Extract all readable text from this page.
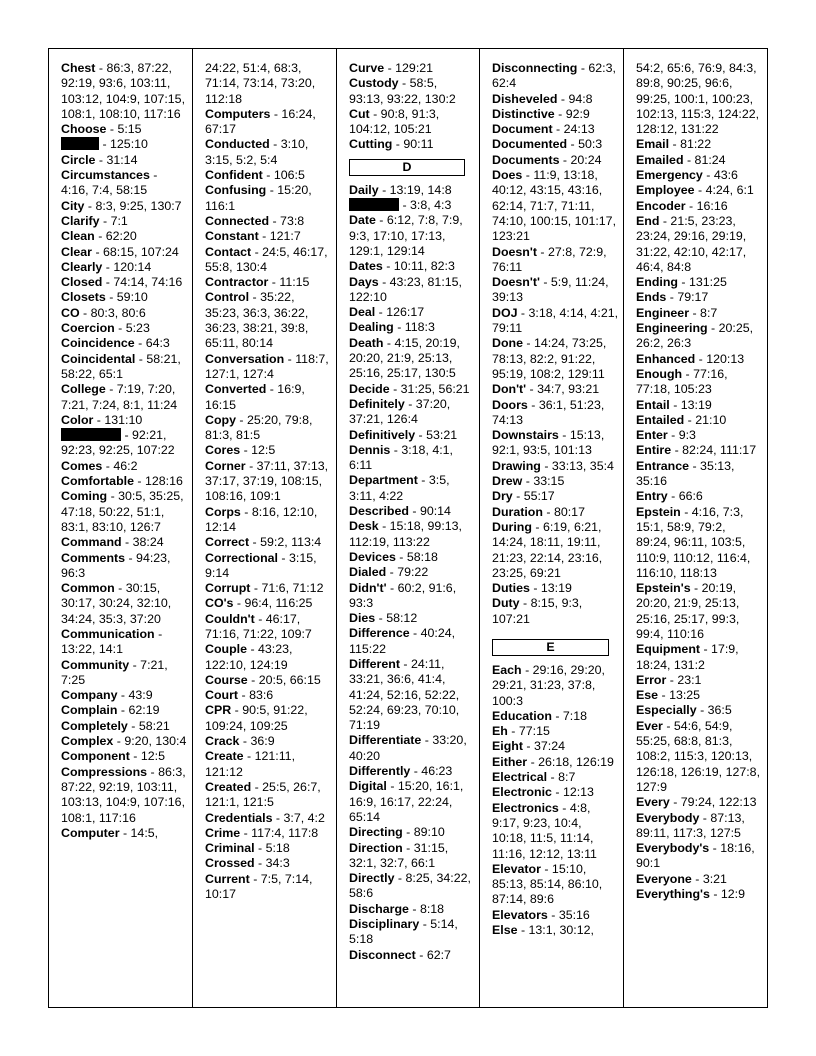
Chest - 86:3, 87:22, 92:19, 93:6, 103:11, 103:12, 104:9, 107:15, 108:1, 108:10, 117:16

Choose - 5:15

- 125:10

Circle - 31:14

Circumstances - 4:16, 7:4, 58:15

City - 8:3, 9:25, 130:7

Clarify - 7:1

Clean - 62:20

Clear - 68:15, 107:24

Clearly - 120:14

Closed - 74:14, 74:16

Closets - 59:10

CO - 80:3, 80:6

Coercion - 5:23

Coincidence - 64:3

Coincidental - 58:21, 58:22, 65:1

College - 7:19, 7:20, 7:21, 7:24, 8:1, 11:24

Color - 131:10

- 92:21, 92:23, 92:25, 107:22

Comes - 46:2

Comfortable - 128:16

Coming - 30:5, 35:25, 47:18, 50:22, 51:1, 83:1, 83:10, 126:7

Command - 38:24

Comments - 94:23, 96:3

Common - 30:15, 30:17, 30:24, 32:10, 34:24, 35:3, 37:20

Communication - 13:22, 14:1

Community - 7:21, 7:25

Company - 43:9

Complain - 62:19

Completely - 58:21

Complex - 9:20, 130:4

Component - 12:5

Compressions - 86:3, 87:22, 92:19, 103:11, 103:13, 104:9, 107:16, 108:1, 117:16

Computer - 14:5,

24:22, 51:4, 68:3, 71:14, 73:14, 73:20, 112:18

Computers - 16:24, 67:17

Conducted - 3:10, 3:15, 5:2, 5:4

Confident - 106:5

Confusing - 15:20, 116:1

Connected - 73:8

Constant - 121:7

Contact - 24:5, 46:17, 55:8, 130:4

Contractor - 11:15

Control - 35:22, 35:23, 36:3, 36:22, 36:23, 38:21, 39:8, 65:11, 80:14

Conversation - 118:7, 127:1, 127:4

Converted - 16:9, 16:15

Copy - 25:20, 79:8, 81:3, 81:5

Cores - 12:5

Corner - 37:11, 37:13, 37:17, 37:19, 108:15, 108:16, 109:1

Corps - 8:16, 12:10, 12:14

Correct - 59:2, 113:4

Correctional - 3:15, 9:14

Corrupt - 71:6, 71:12

CO's - 96:4, 116:25

Couldn't - 46:17, 71:16, 71:22, 109:7

Couple - 43:23, 122:10, 124:19

Course - 20:5, 66:15

Court - 83:6

CPR - 90:5, 91:22, 109:24, 109:25

Crack - 36:9

Create - 121:11, 121:12

Created - 25:5, 26:7, 121:1, 121:5

Credentials - 3:7, 4:2

Crime - 117:4, 117:8

Criminal - 5:18

Crossed - 34:3

Current - 7:5, 7:14, 10:17

Curve - 129:21

Custody - 58:5, 93:13, 93:22, 130:2

Cut - 90:8, 91:3, 104:12, 105:21

Cutting - 90:11

D

Daily - 13:19, 14:8

- 3:8, 4:3

Date - 6:12, 7:8, 7:9, 9:3, 17:10, 17:13, 129:1, 129:14

Dates - 10:11, 82:3

Days - 43:23, 81:15, 122:10

Deal - 126:17

Dealing - 118:3

Death - 4:15, 20:19, 20:20, 21:9, 25:13, 25:16, 25:17, 130:5

Decide - 31:25, 56:21

Definitely - 37:20, 37:21, 126:4

Definitively - 53:21

Dennis - 3:18, 4:1, 6:11

Department - 3:5, 3:11, 4:22

Described - 90:14

Desk - 15:18, 99:13, 112:19, 113:22

Devices - 58:18

Dialed - 79:22

Didn't' - 60:2, 91:6, 93:3

Dies - 58:12

Difference - 40:24, 115:22

Different - 24:11, 33:21, 36:6, 41:4, 41:24, 52:16, 52:22, 52:24, 69:23, 70:10, 71:19

Differentiate - 33:20, 40:20

Differently - 46:23

Digital - 15:20, 16:1, 16:9, 16:17, 22:24, 65:14

Directing - 89:10

Direction - 31:15, 32:1, 32:7, 66:1

Directly - 8:25, 34:22, 58:6

Discharge - 8:18

Disciplinary - 5:14, 5:18

Disconnect - 62:7

Disconnecting - 62:3, 62:4

Disheveled - 94:8

Distinctive - 92:9

Document - 24:13

Documented - 50:3

Documents - 20:24

Does - 11:9, 13:18, 40:12, 43:15, 43:16, 62:14, 71:7, 71:11, 74:10, 100:15, 101:17, 123:21

Doesn't - 27:8, 72:9, 76:11

Doesn't' - 5:9, 11:24, 39:13

DOJ - 3:18, 4:14, 4:21, 79:11

Done - 14:24, 73:25, 78:13, 82:2, 91:22, 95:19, 108:2, 129:11

Don't' - 34:7, 93:21

Doors - 36:1, 51:23, 74:13

Downstairs - 15:13, 92:1, 93:5, 101:13

Drawing - 33:13, 35:4

Drew - 33:15

Dry - 55:17

Duration - 80:17

During - 6:19, 6:21, 14:24, 18:11, 19:11, 21:23, 22:14, 23:16, 23:25, 69:21

Duties - 13:19

Duty - 8:15, 9:3, 107:21

E

Each - 29:16, 29:20, 29:21, 31:23, 37:8, 100:3

Education - 7:18

Eh - 77:15

Eight - 37:24

Either - 26:18, 126:19

Electrical - 8:7

Electronic - 12:13

Electronics - 4:8, 9:17, 9:23, 10:4, 10:18, 11:5, 11:14, 11:16, 12:12, 13:11

Elevator - 15:10, 85:13, 85:14, 86:10, 87:14, 89:6

Elevators - 35:16

Else - 13:1, 30:12,

54:2, 65:6, 76:9, 84:3, 89:8, 90:25, 96:6, 99:25, 100:1, 100:23, 102:13, 115:3, 124:22, 128:12, 131:22

Email - 81:22

Emailed - 81:24

Emergency - 43:6

Employee - 4:24, 6:1

Encoder - 16:16

End - 21:5, 23:23, 23:24, 29:16, 29:19, 31:22, 42:10, 42:17, 46:4, 84:8

Ending - 131:25

Ends - 79:17

Engineer - 8:7

Engineering - 20:25, 26:2, 26:3

Enhanced - 120:13

Enough - 77:16, 77:18, 105:23

Entail - 13:19

Entailed - 21:10

Enter - 9:3

Entire - 82:24, 111:17

Entrance - 35:13, 35:16

Entry - 66:6

Epstein - 4:16, 7:3, 15:1, 58:9, 79:2, 89:24, 96:11, 103:5, 110:9, 110:12, 116:4, 116:10, 118:13

Epstein's - 20:19, 20:20, 21:9, 25:13, 25:16, 25:17, 99:3, 99:4, 110:16

Equipment - 17:9, 18:24, 131:2

Error - 23:1

Ese - 13:25

Especially - 36:5

Ever - 54:6, 54:9, 55:25, 68:8, 81:3, 108:2, 115:3, 120:13, 126:18, 126:19, 127:8, 127:9

Every - 79:24, 122:13

Everybody - 87:13, 89:11, 117:3, 127:5

Everybody's - 18:16, 90:1

Everyone - 3:21

Everything's - 12:9
